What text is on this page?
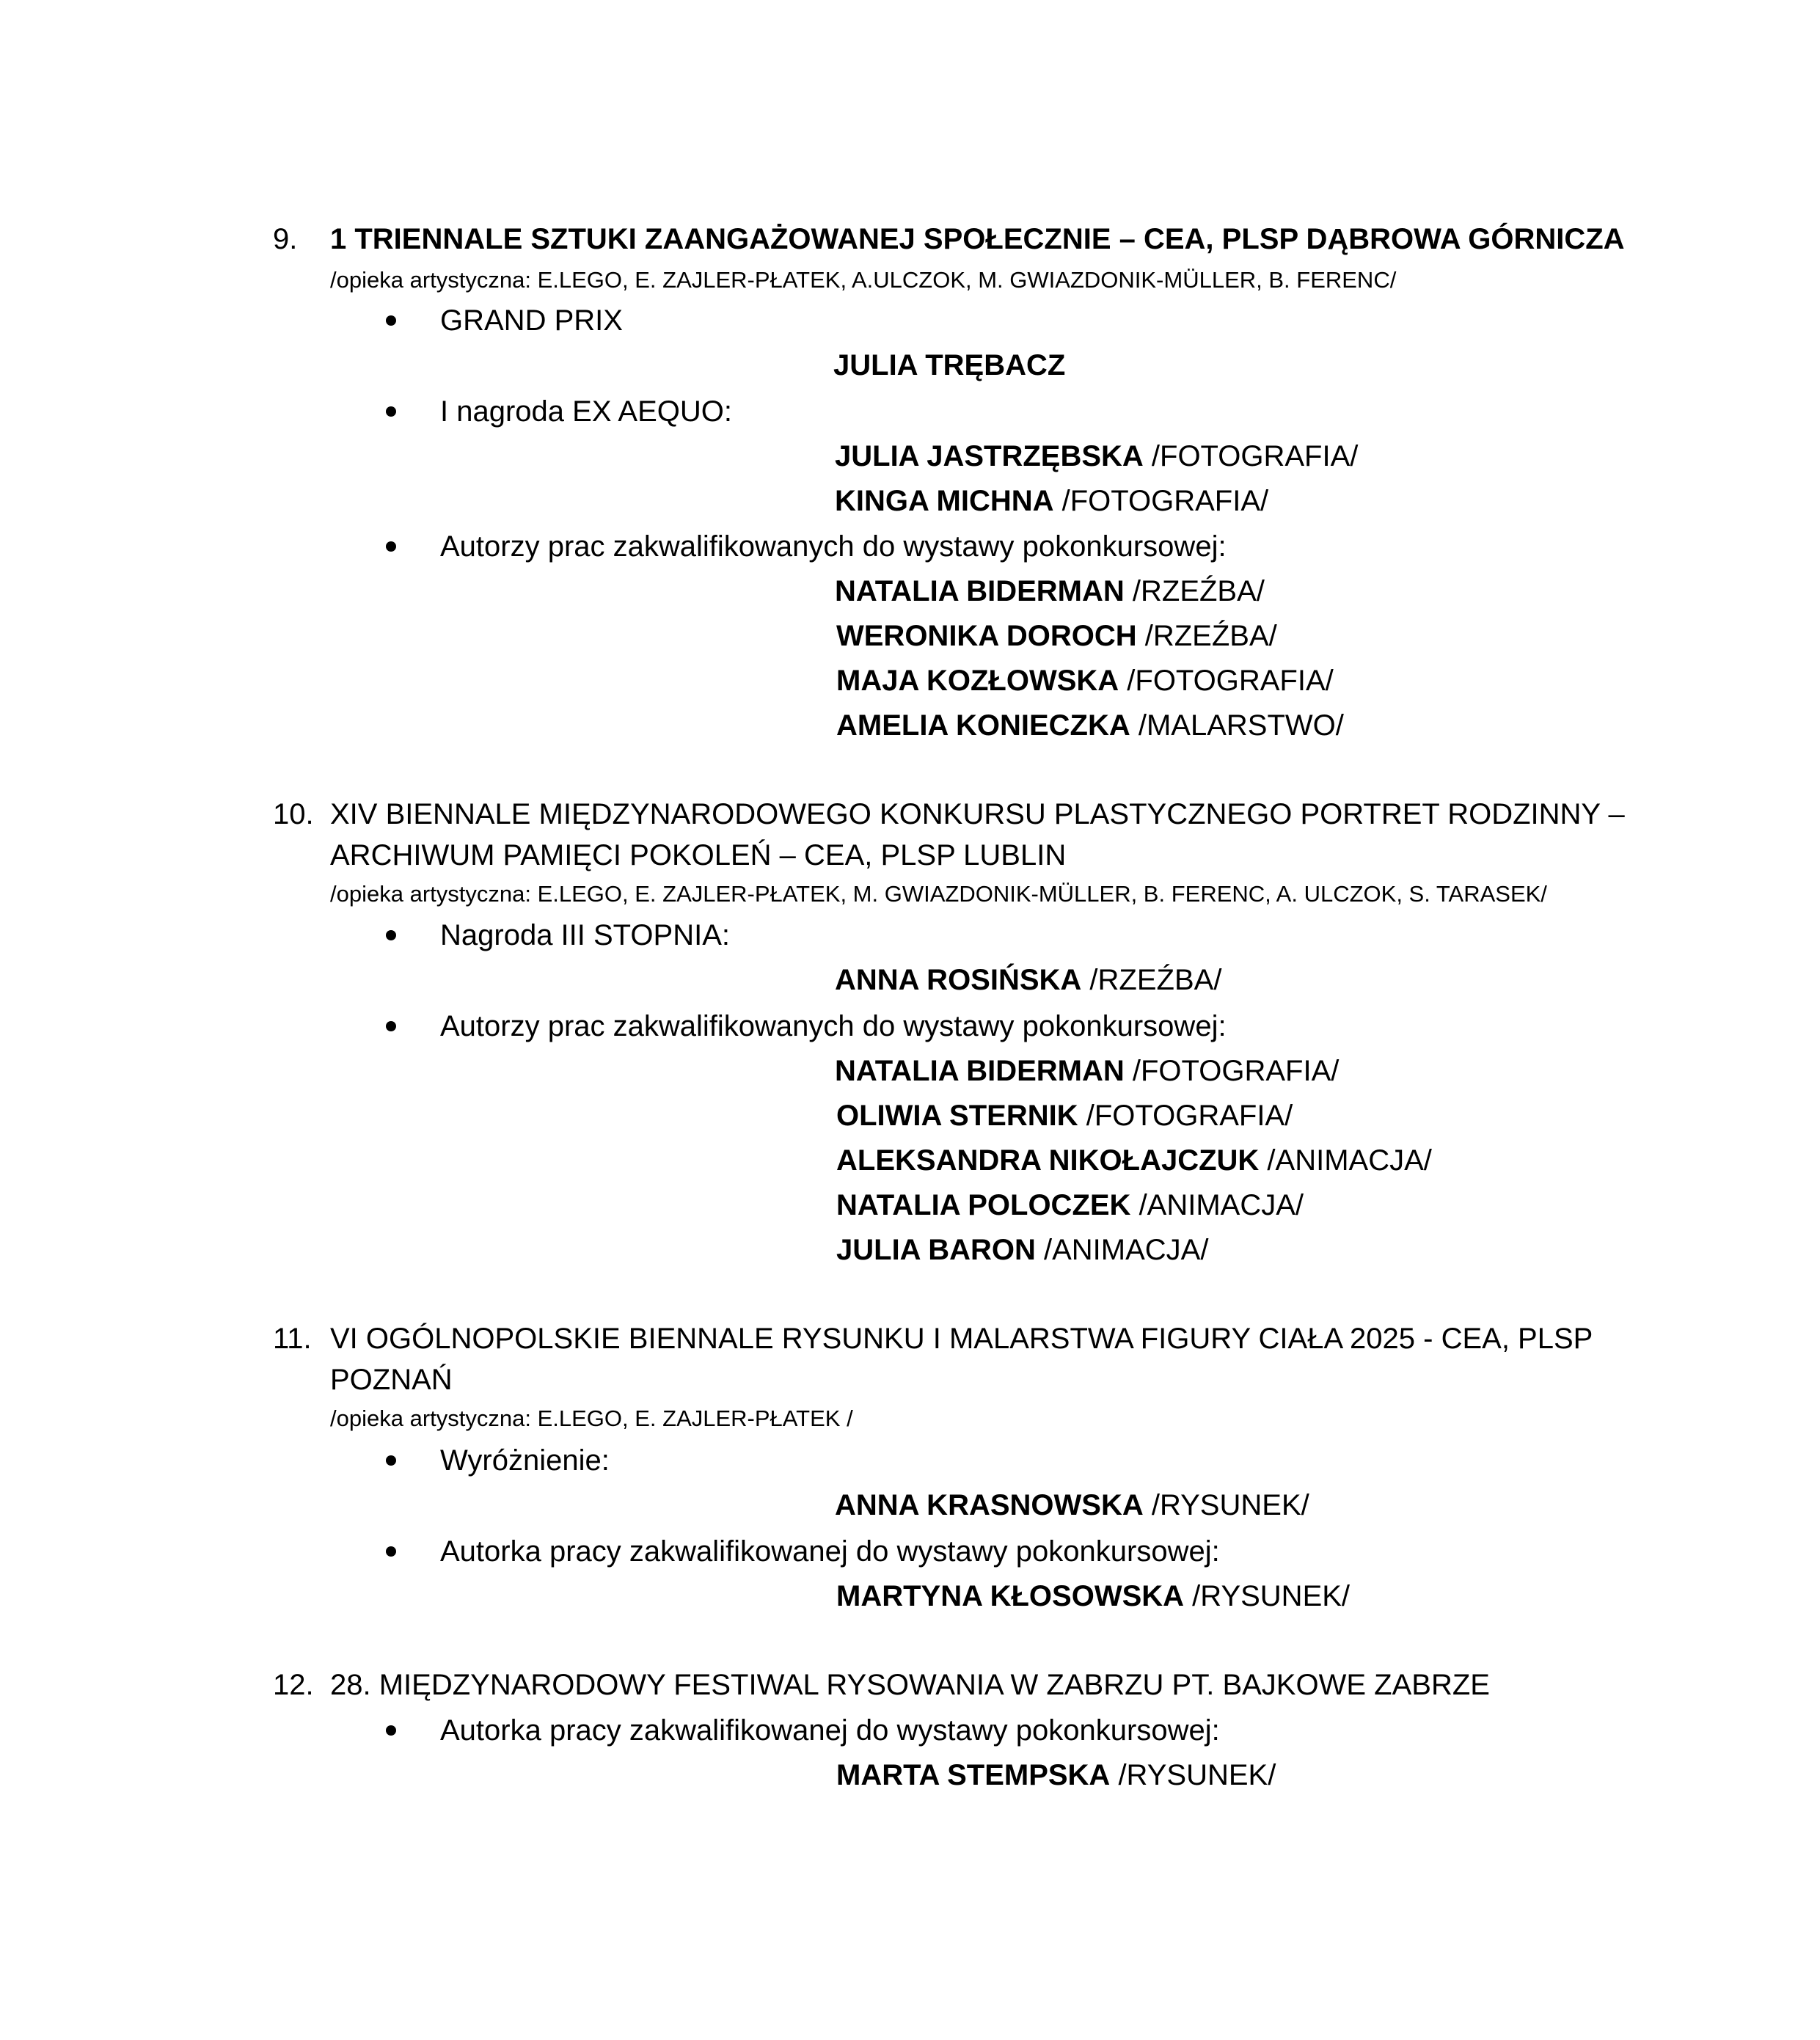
9. 1 TRIENNALE SZTUKI ZAANGAŻOWANEJ SPOŁECZNIE – CEA, PLSP DĄBROWA GÓRNICZA
/opieka artystyczna: E.LEGO, E. ZAJLER-PŁATEK, A.ULCZOK, M. GWIAZDONIK-MÜLLER, B. FERENC/
GRAND PRIX
JULIA TRĘBACZ
I nagroda EX AEQUO:
JULIA JASTRZĘBSKA /FOTOGRAFIA/
KINGA MICHNA /FOTOGRAFIA/
Autorzy prac zakwalifikowanych do wystawy pokonkursowej:
NATALIA BIDERMAN /RZEŹBA/
WERONIKA DOROCH /RZEŹBA/
MAJA KOZŁOWSKA /FOTOGRAFIA/
AMELIA KONIECZKA /MALARSTWO/
10. XIV BIENNALE MIĘDZYNARODOWEGO KONKURSU PLASTYCZNEGO PORTRET RODZINNY –
ARCHIWUM PAMIĘCI POKOLEŃ – CEA, PLSP LUBLIN
/opieka artystyczna: E.LEGO, E. ZAJLER-PŁATEK, M. GWIAZDONIK-MÜLLER, B. FERENC, A. ULCZOK, S. TARASEK/
Nagroda III STOPNIA:
ANNA ROSIŃSKA /RZEŹBA/
Autorzy prac zakwalifikowanych do wystawy pokonkursowej:
NATALIA BIDERMAN /FOTOGRAFIA/
OLIWIA STERNIK /FOTOGRAFIA/
ALEKSANDRA NIKOŁAJCZUK /ANIMACJA/
NATALIA POLOCZEK /ANIMACJA/
JULIA BARON /ANIMACJA/
11. VI OGÓLNOPOLSKIE BIENNALE RYSUNKU I MALARSTWA FIGURY CIAŁA 2025 - CEA, PLSP
POZNAŃ
/opieka artystyczna: E.LEGO, E. ZAJLER-PŁATEK /
Wyróżnienie:
ANNA KRASNOWSKA /RYSUNEK/
Autorka pracy zakwalifikowanej do wystawy pokonkursowej:
MARTYNA KŁOSOWSKA /RYSUNEK/
12. 28. MIĘDZYNARODOWY FESTIWAL RYSOWANIA W ZABRZU PT. BAJKOWE ZABRZE
Autorka pracy zakwalifikowanej do wystawy pokonkursowej:
MARTA STEMPSKA /RYSUNEK/
